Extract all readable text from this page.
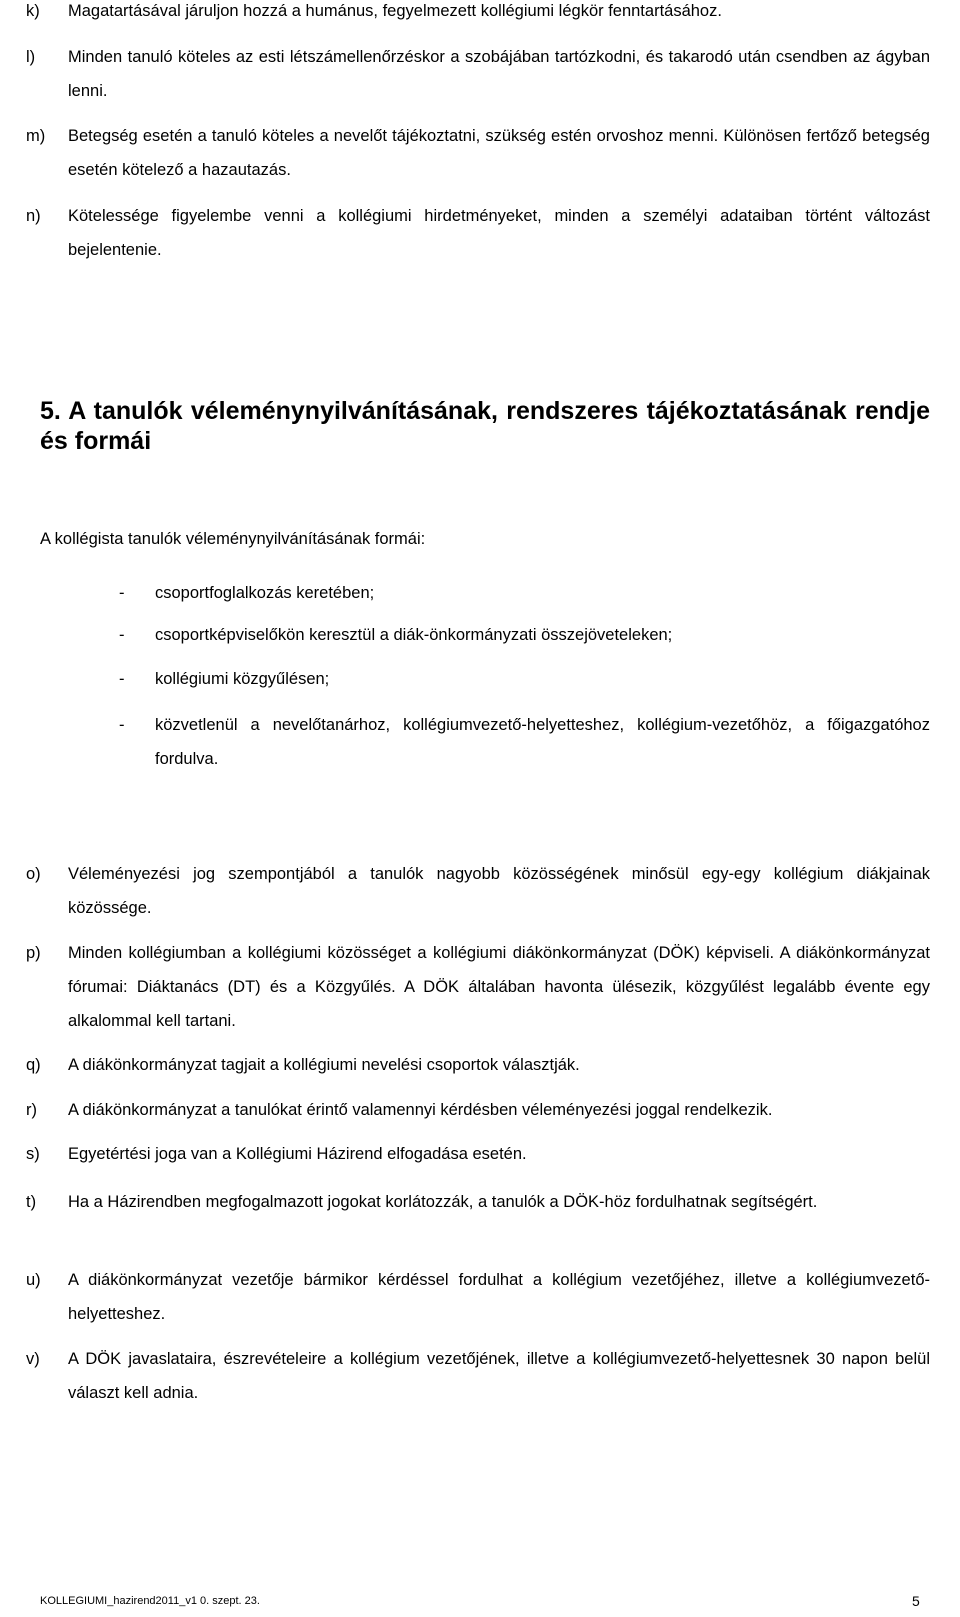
k)	Magatartásával járuljon hozzá a humánus, fegyelmezett kollégiumi légkör fenntartásához.
l)	Minden tanuló köteles az esti létszámellenőrzéskor a szobájában tartózkodni, és takarodó után csendben az ágyban lenni.
m)	Betegség esetén a tanuló köteles a nevelőt tájékoztatni, szükség estén orvoshoz menni. Különösen fertőző betegség esetén kötelező a hazautazás.
n)	Kötelessége figyelembe venni a kollégiumi hirdetményeket, minden a személyi adataiban történt változást bejelentenie.
5. A tanulók véleménynyilvánításának, rendszeres tájékoztatásának rendje és formái
A kollégista tanulók véleménynyilvánításának formái:
-	csoportfoglalkozás keretében;
-	csoportképviselőkön keresztül a diák-önkormányzati összejöveteleken;
-	kollégiumi közgyűlésen;
-	közvetlenül a nevelőtanárhoz, kollégiumvezető-helyetteshez, kollégium-vezetőhöz, a főigazgatóhoz fordulva.
o)	Véleményezési jog szempontjából a tanulók nagyobb közösségének minősül egy-egy kollégium diákjainak közössége.
p)	Minden kollégiumban a kollégiumi közösséget a kollégiumi diákönkormányzat (DÖK) képviseli. A diákönkormányzat fórumai: Diáktanács (DT) és a Közgyűlés. A DÖK általában havonta ülésezik, közgyűlést legalább évente egy alkalommal kell tartani.
q)	A diákönkormányzat tagjait a kollégiumi nevelési csoportok választják.
r)	A diákönkormányzat a tanulókat érintő valamennyi kérdésben véleményezési joggal rendelkezik.
s)	Egyetértési joga van a Kollégiumi Házirend elfogadása esetén.
t)	Ha a Házirendben megfogalmazott jogokat korlátozzák, a tanulók a DÖK-höz fordulhatnak segítségért.
u)	A diákönkormányzat vezetője bármikor kérdéssel fordulhat a kollégium vezetőjéhez, illetve a kollégiumvezető-helyetteshez.
v)	A DÖK javaslataira, észrevételeire a kollégium vezetőjének, illetve a kollégiumvezető-helyettesnek 30 napon belül választ kell adnia.
KOLLEGIUMI_hazirend2011_v1 0. szept. 23.	5
